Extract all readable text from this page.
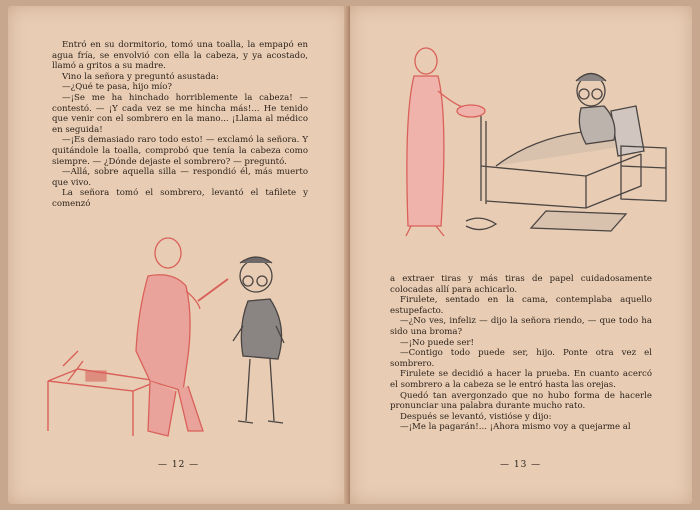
Entró en su dormitorio, tomó una toalla, la empapó en agua fría, se envolvió con ella la cabeza, y ya acostado, llamó a gritos a su madre.

Vino la señora y preguntó asustada:

—¿Qué te pasa, hijo mío?

—¡Se me ha hinchado horriblemente la cabeza! — contestó. — ¡Y cada vez se me hincha más!... He tenido que venir con el sombrero en la mano... ¡Llama al médico en seguida!

—¡Es demasiado raro todo esto! — exclamó la señora. Y quitándole la toalla, comprobó que tenía la cabeza como siempre. — ¿Dónde dejaste el sombrero? — preguntó.

—Allá, sobre aquella silla — respondió él, más muerto que vivo.

La señora tomó el sombrero, levantó el tafilete y comenzó

— 12 —

a extraer tiras y más tiras de papel cuidadosamente colocadas allí para achicarlo.

Firulete, sentado en la cama, contemplaba aquello estupefacto.

—¿No ves, infeliz — dijo la señora riendo, — que todo ha sido una broma?

—¡No puede ser!

—Contigo todo puede ser, hijo. Ponte otra vez el sombrero.

Firulete se decidió a hacer la prueba. En cuanto acercó el sombrero a la cabeza se le entró hasta las orejas.

Quedó tan avergonzado que no hubo forma de hacerle pronunciar una palabra durante mucho rato.

Después se levantó, vistióse y dijo:

—¡Me la pagarán!... ¡Ahora mismo voy a quejarme al

— 13 —
